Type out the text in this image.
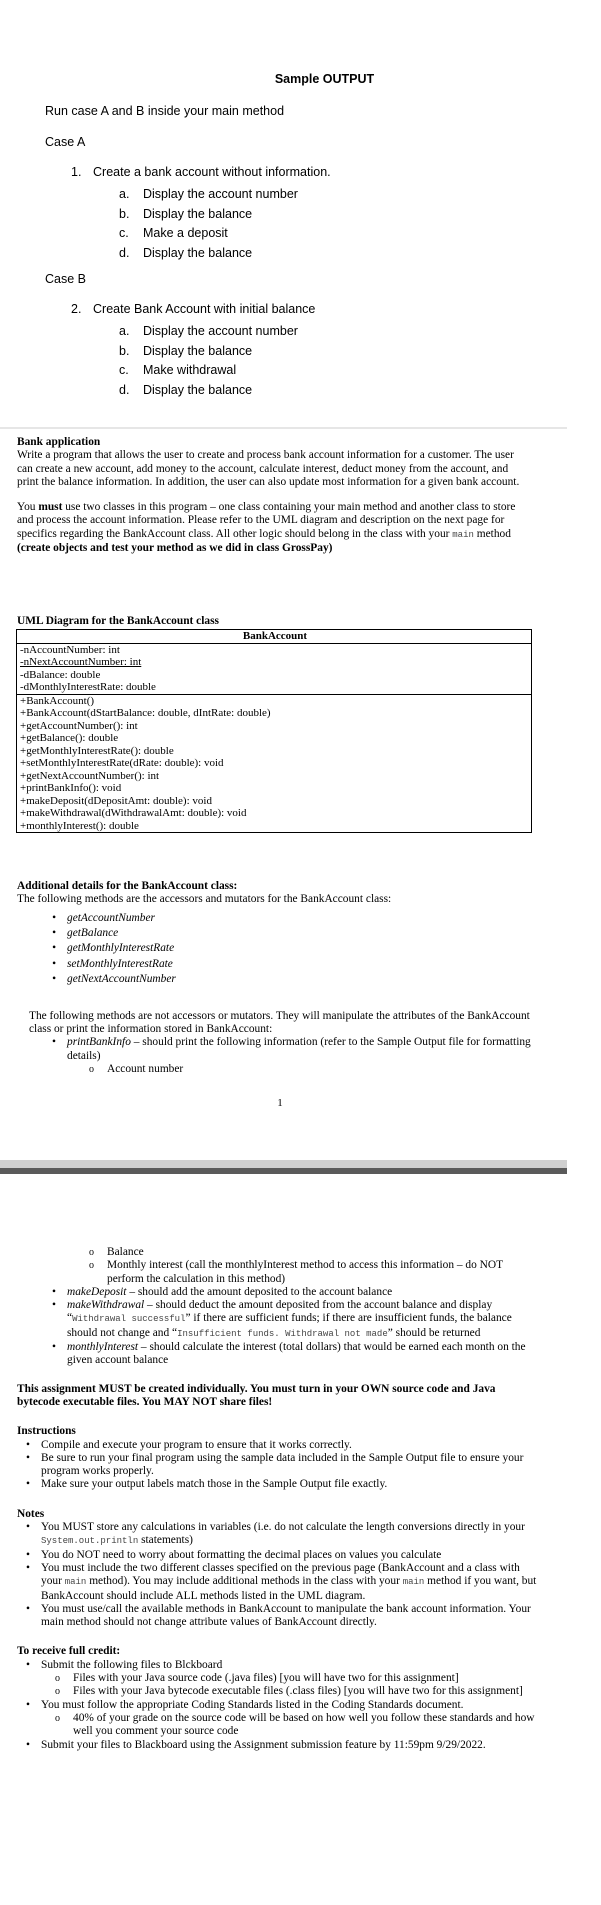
Sample OUTPUT
Run case A and B inside your main method
Case A
1. Create a bank account without information.
a. Display the account number
b. Display the balance
c. Make a deposit
d. Display the balance
Case B
2. Create Bank Account with initial balance
a. Display the account number
b. Display the balance
c. Make withdrawal
d. Display the balance

Bank application

Write a program that allows the user to create and process bank account information for a customer. The user can create a new account, add money to the account, calculate interest, deduct money from the account, and print the balance information. In addition, the user can also update most information for a given bank account.

You must use two classes in this program – one class containing your main method and another class to store and process the account information. Please refer to the UML diagram and description on the next page for specifics regarding the BankAccount class. All other logic should belong in the class with your main method (create objects and test your method as we did in class GrossPay)

UML Diagram for the BankAccount class
BankAccount
-nAccountNumber: int
-nNextAccountNumber: int
-dBalance: double
-dMonthlyInterestRate: double
+BankAccount()
+BankAccount(dStartBalance: double, dIntRate: double)
+getAccountNumber(): int
+getBalance(): double
+getMonthlyInterestRate(): double
+setMonthlyInterestRate(dRate: double): void
+getNextAccountNumber(): int
+printBankInfo(): void
+makeDeposit(dDepositAmt: double): void
+makeWithdrawal(dWithdrawalAmt: double): void
+monthlyInterest(): double

Additional details for the BankAccount class:

The following methods are the accessors and mutators for the BankAccount class:

• getAccountNumber
• getBalance
• getMonthlyInterestRate
• setMonthlyInterestRate
• getNextAccountNumber

The following methods are not accessors or mutators. They will manipulate the attributes of the BankAccount class or print the information stored in BankAccount:

• printBankInfo – should print the following information (refer to the Sample Output file for formatting details)
o Account number
1
o Balance
o Monthly interest (call the monthlyInterest method to access this information – do NOT perform the calculation in this method)
• makeDeposit – should add the amount deposited to the account balance
• makeWithdrawal – should deduct the amount deposited from the account balance and display “Withdrawal successful” if there are sufficient funds; if there are insufficient funds, the balance should not change and “Insufficient funds. Withdrawal not made” should be returned
• monthlyInterest – should calculate the interest (total dollars) that would be earned each month on the given account balance

This assignment MUST be created individually. You must turn in your OWN source code and Java bytecode executable files. You MAY NOT share files!

Instructions

• Compile and execute your program to ensure that it works correctly.
• Be sure to run your final program using the sample data included in the Sample Output file to ensure your program works properly.
• Make sure your output labels match those in the Sample Output file exactly.

Notes

• You MUST store any calculations in variables (i.e. do not calculate the length conversions directly in your System.out.println statements)
• You do NOT need to worry about formatting the decimal places on values you calculate
• You must include the two different classes specified on the previous page (BankAccount and a class with your main method). You may include additional methods in the class with your main method if you want, but BankAccount should include ALL methods listed in the UML diagram.
• You must use/call the available methods in BankAccount to manipulate the bank account information. Your main method should not change attribute values of BankAccount directly.

To receive full credit:

• Submit the following files to Blckboard
o Files with your Java source code (.java files) [you will have two for this assignment]
o Files with your Java bytecode executable files (.class files) [you will have two for this assignment]
• You must follow the appropriate Coding Standards listed in the Coding Standards document.
o 40% of your grade on the source code will be based on how well you follow these standards and how well you comment your source code
• Submit your files to Blackboard using the Assignment submission feature by 11:59pm 9/29/2022.
